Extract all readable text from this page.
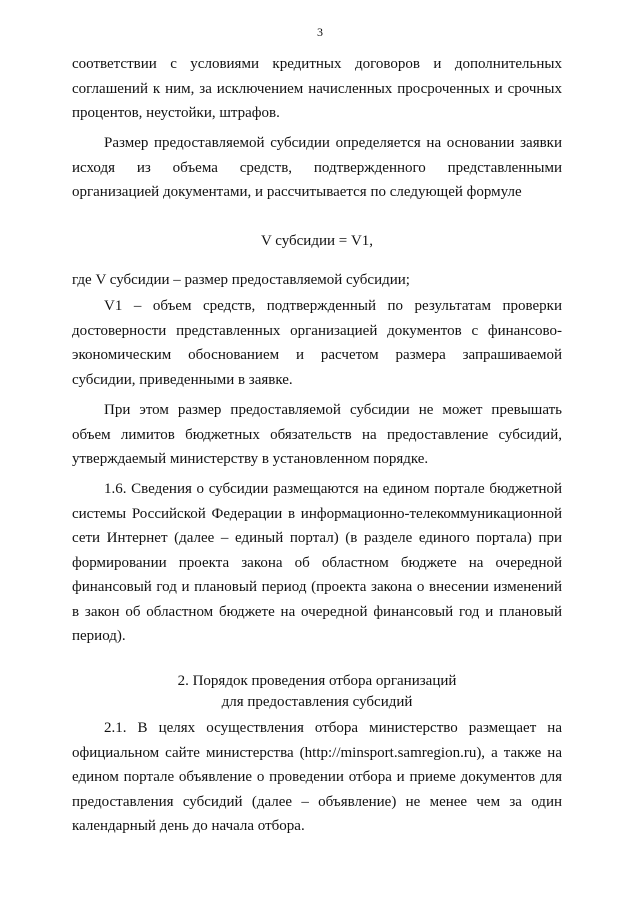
3

соответствии с условиями кредитных договоров и дополнительных соглашений к ним, за исключением начисленных просроченных и срочных процентов, неустойки, штрафов.

Размер предоставляемой субсидии определяется на основании заявки исходя из объема средств, подтвержденного представленными организацией документами, и рассчитывается по следующей формуле

V субсидии = V1,

где V субсидии – размер предоставляемой субсидии;

V1 – объем средств, подтвержденный по результатам проверки достоверности представленных организацией документов с финансово-экономическим обоснованием и расчетом размера запрашиваемой субсидии, приведенными в заявке.

При этом размер предоставляемой субсидии не может превышать объем лимитов бюджетных обязательств на предоставление субсидий, утверждаемый министерству в установленном порядке.

1.6. Сведения о субсидии размещаются на едином портале бюджетной системы Российской Федерации в информационно-телекоммуникационной сети Интернет (далее – единый портал) (в разделе единого портала) при формировании проекта закона об областном бюджете на очередной финансовый год и плановый период (проекта закона о внесении изменений в закон об областном бюджете на очередной финансовый год и плановый период).

2. Порядок проведения отбора организаций
для предоставления субсидий

2.1. В целях осуществления отбора министерство размещает на официальном сайте министерства (http://minsport.samregion.ru), а также на едином портале объявление о проведении отбора и приеме документов для предоставления субсидий (далее – объявление) не менее чем за один календарный день до начала отбора.
